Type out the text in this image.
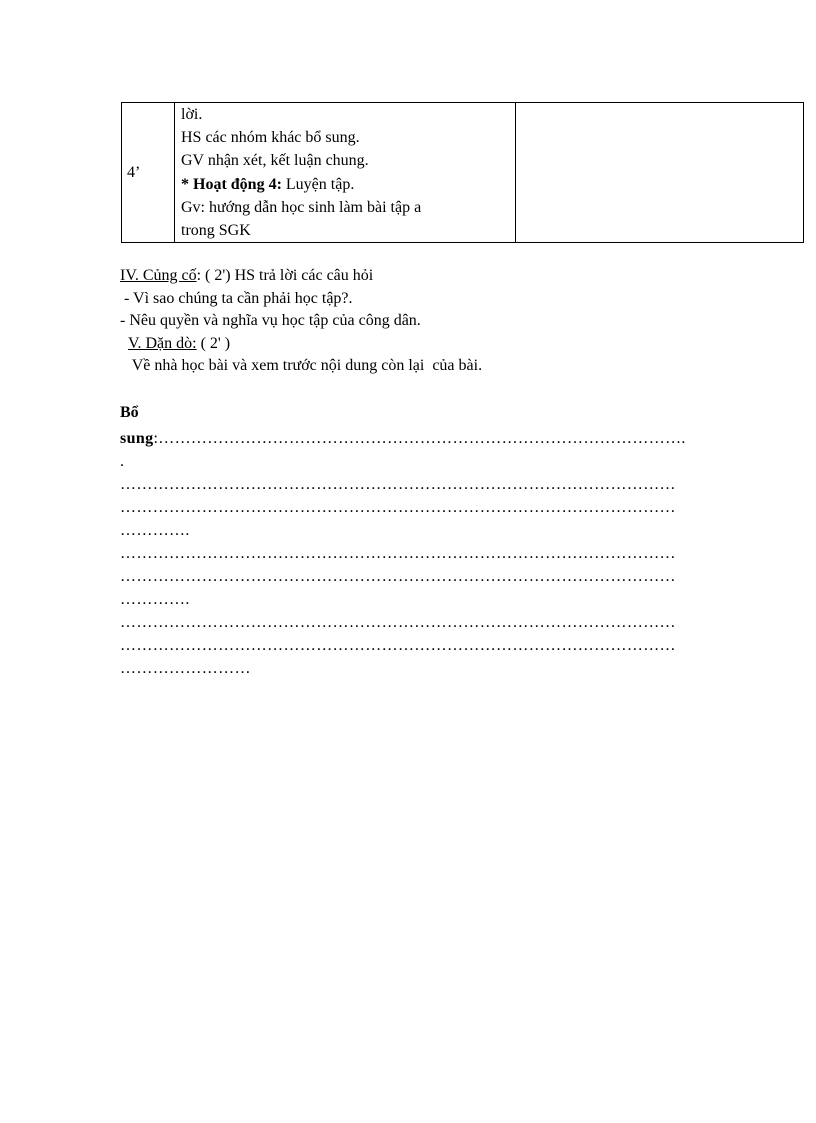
4’	
lời.
HS các nhóm khác bổ sung.
GV nhận xét, kết luận chung.
* Hoạt động 4: Luyện tập.
Gv: hướng dẫn học sinh làm bài tập a
trong SGK

IV. Củng cố: ( 2') HS trả lời các câu hỏi
- Vì sao chúng ta cần phải học tập?.
- Nêu quyền và nghĩa vụ học tập của công dân.
V. Dặn dò: ( 2' )
Về nhà học bài và xem trước nội dung còn lại  của bài.
Bổ
sung:…………………………………………………………………………………….
.
…………………………………………………………………………………………
…………………………………………………………………………………………
………….
…………………………………………………………………………………………
…………………………………………………………………………………………
………….
…………………………………………………………………………………………
…………………………………………………………………………………………
……………………
